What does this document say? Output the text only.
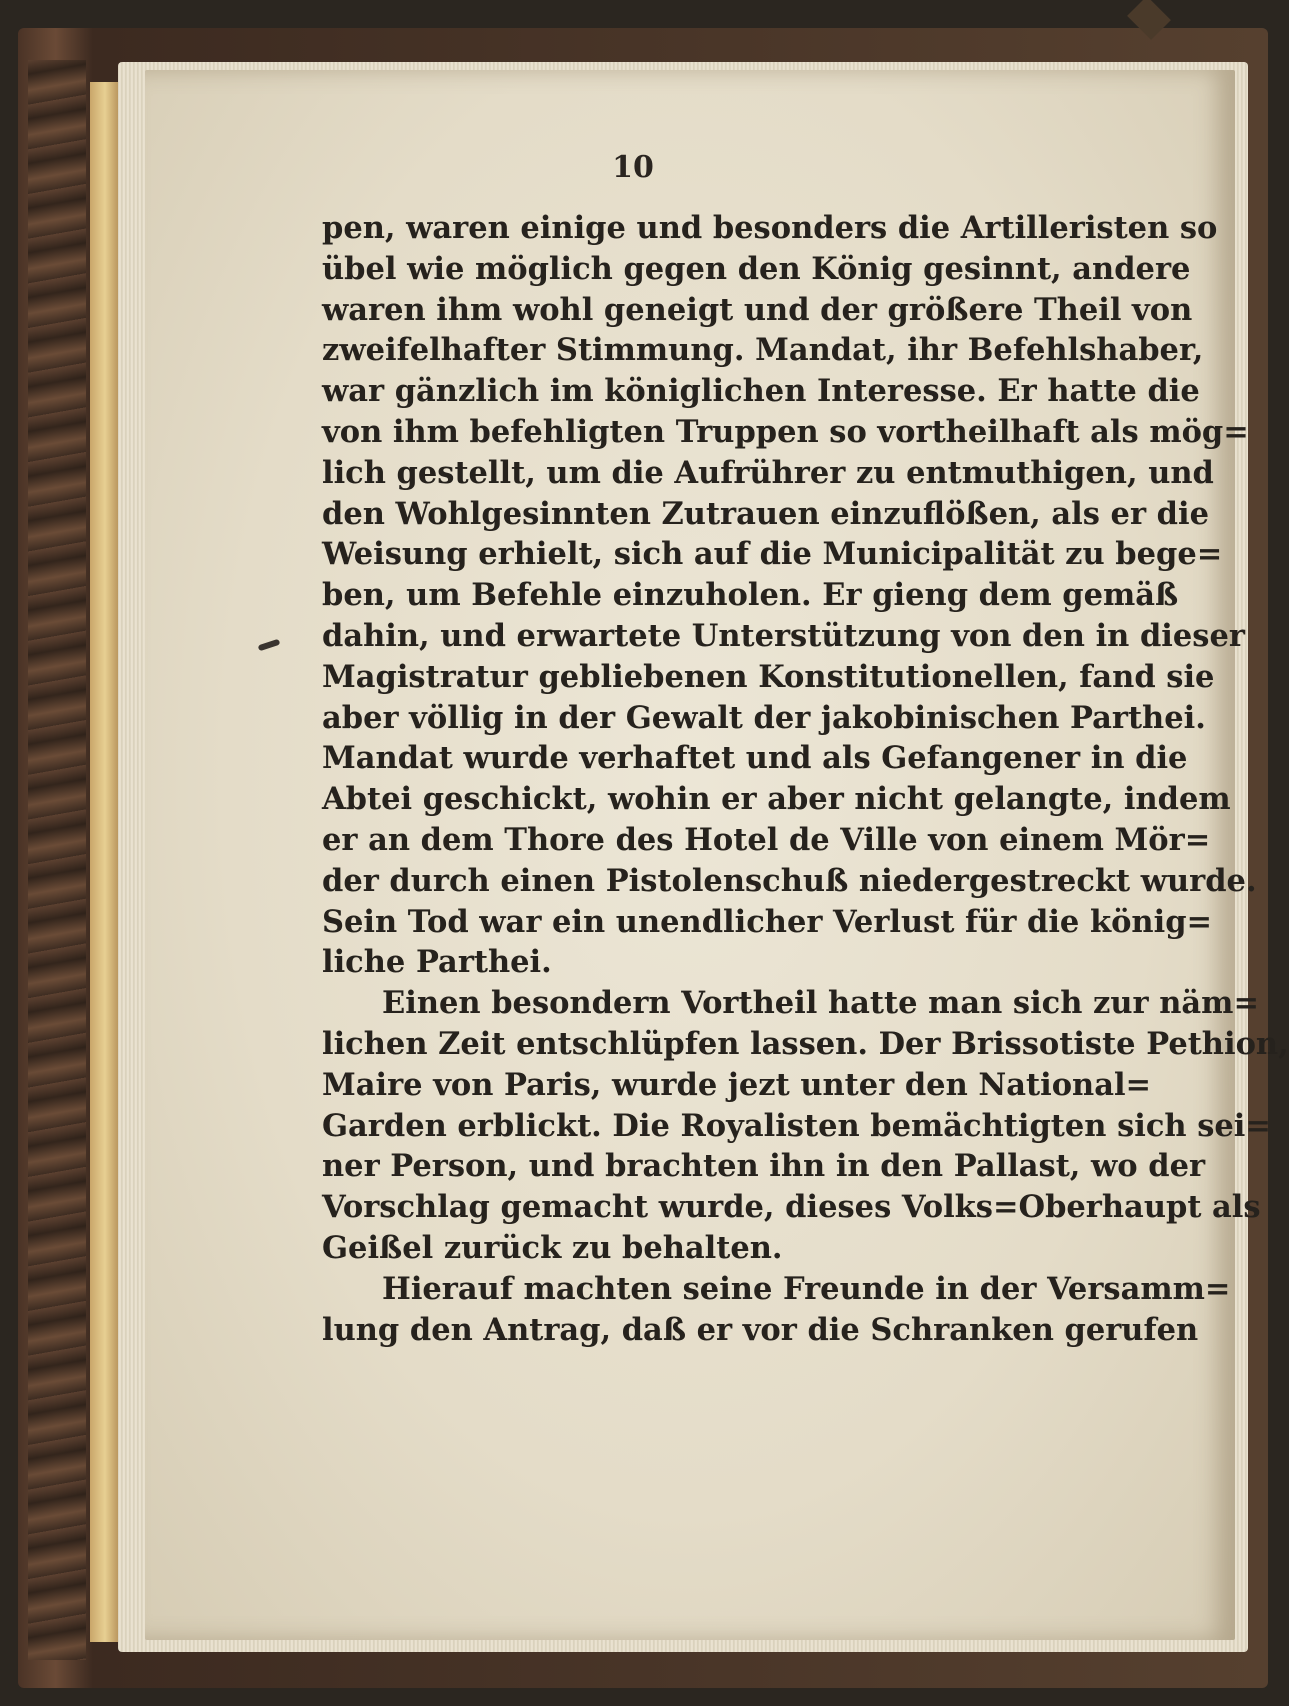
10
pen, waren einige und besonders die Artilleristen so
übel wie möglich gegen den König gesinnt, andere
waren ihm wohl geneigt und der größere Theil von
zweifelhafter Stimmung. Mandat, ihr Befehlshaber,
war gänzlich im königlichen Interesse. Er hatte die
von ihm befehligten Truppen so vortheilhaft als mög=
lich gestellt, um die Aufrührer zu entmuthigen, und
den Wohlgesinnten Zutrauen einzuflößen, als er die
Weisung erhielt, sich auf die Municipalität zu bege=
ben, um Befehle einzuholen. Er gieng dem gemäß
dahin, und erwartete Unterstützung von den in dieser
Magistratur gebliebenen Konstitutionellen, fand sie
aber völlig in der Gewalt der jakobinischen Parthei.
Mandat wurde verhaftet und als Gefangener in die
Abtei geschickt, wohin er aber nicht gelangte, indem
er an dem Thore des Hotel de Ville von einem Mör=
der durch einen Pistolenschuß niedergestreckt wurde.
Sein Tod war ein unendlicher Verlust für die könig=
liche Parthei.
Einen besondern Vortheil hatte man sich zur näm=
lichen Zeit entschlüpfen lassen. Der Brissotiste Pethion,
Maire von Paris, wurde jezt unter den National=
Garden erblickt. Die Royalisten bemächtigten sich sei=
ner Person, und brachten ihn in den Pallast, wo der
Vorschlag gemacht wurde, dieses Volks=Oberhaupt als
Geißel zurück zu behalten.
Hierauf machten seine Freunde in der Versamm=
lung den Antrag, daß er vor die Schranken gerufen
